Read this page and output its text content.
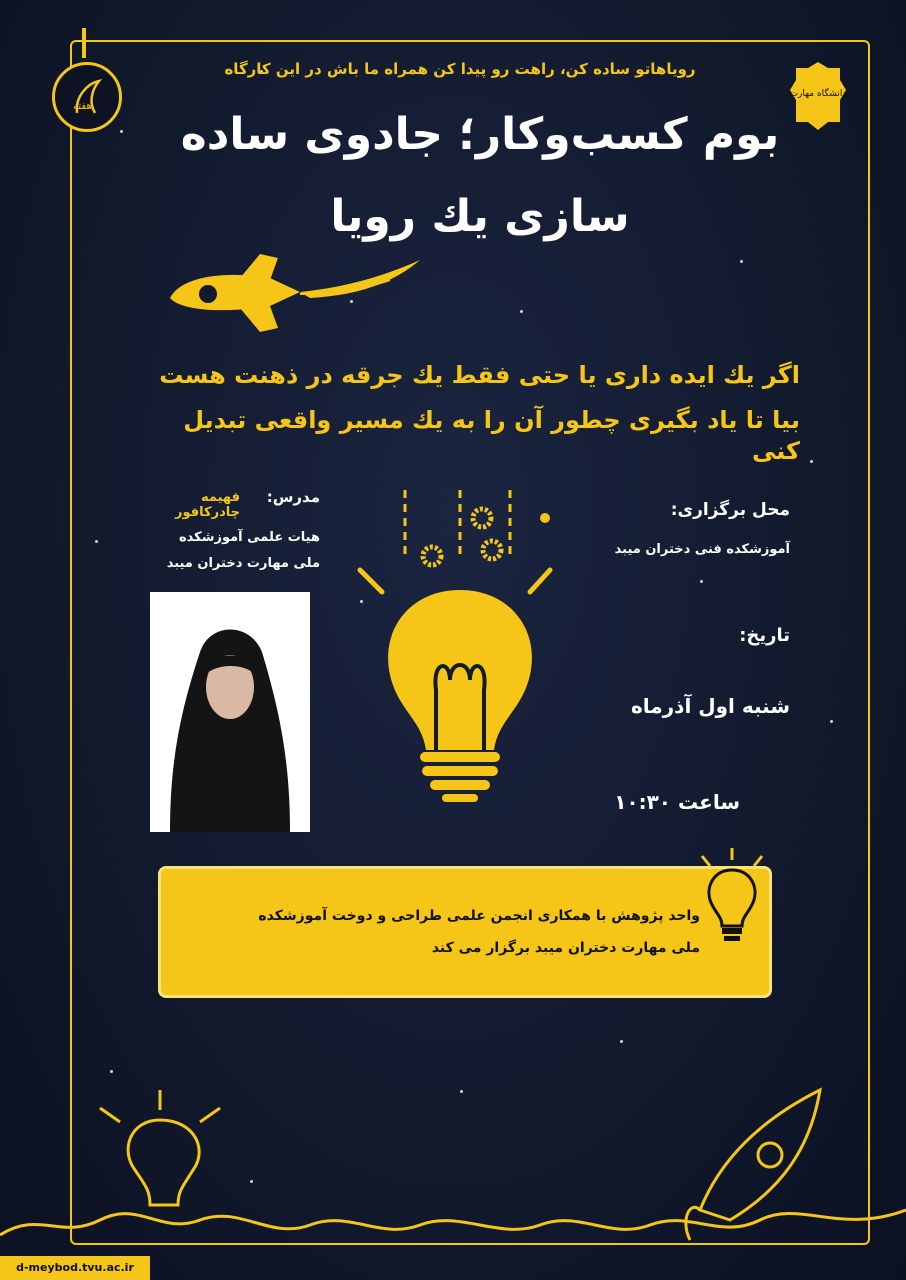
هفته
دانشگاه مهارت
رویاهاتو ساده کن، راهت رو پیدا کن همراه ما باش در این کارگاه
بوم کسب‌وکار؛ جادوی ساده
سازی یك رویا
اگر یك ایده داری یا حتی فقط یك جرقه در ذهنت هست
بیا تا یاد بگیری چطور آن را به یك مسیر واقعی تبدیل کنی
مدرس:
فهیمه چادرکافور
هیات علمی آموزشکده
ملی مهارت دختران میبد
محل برگزاری:
آموزشکده فنی دختران میبد
تاریخ:
شنبه اول آذرماه
ساعت ۱۰:۳۰
واحد پژوهش با همکاری انجمن علمی طراحی و دوخت آموزشکده
ملی مهارت دختران میبد برگزار می کند
d-meybod.tvu.ac.ir
